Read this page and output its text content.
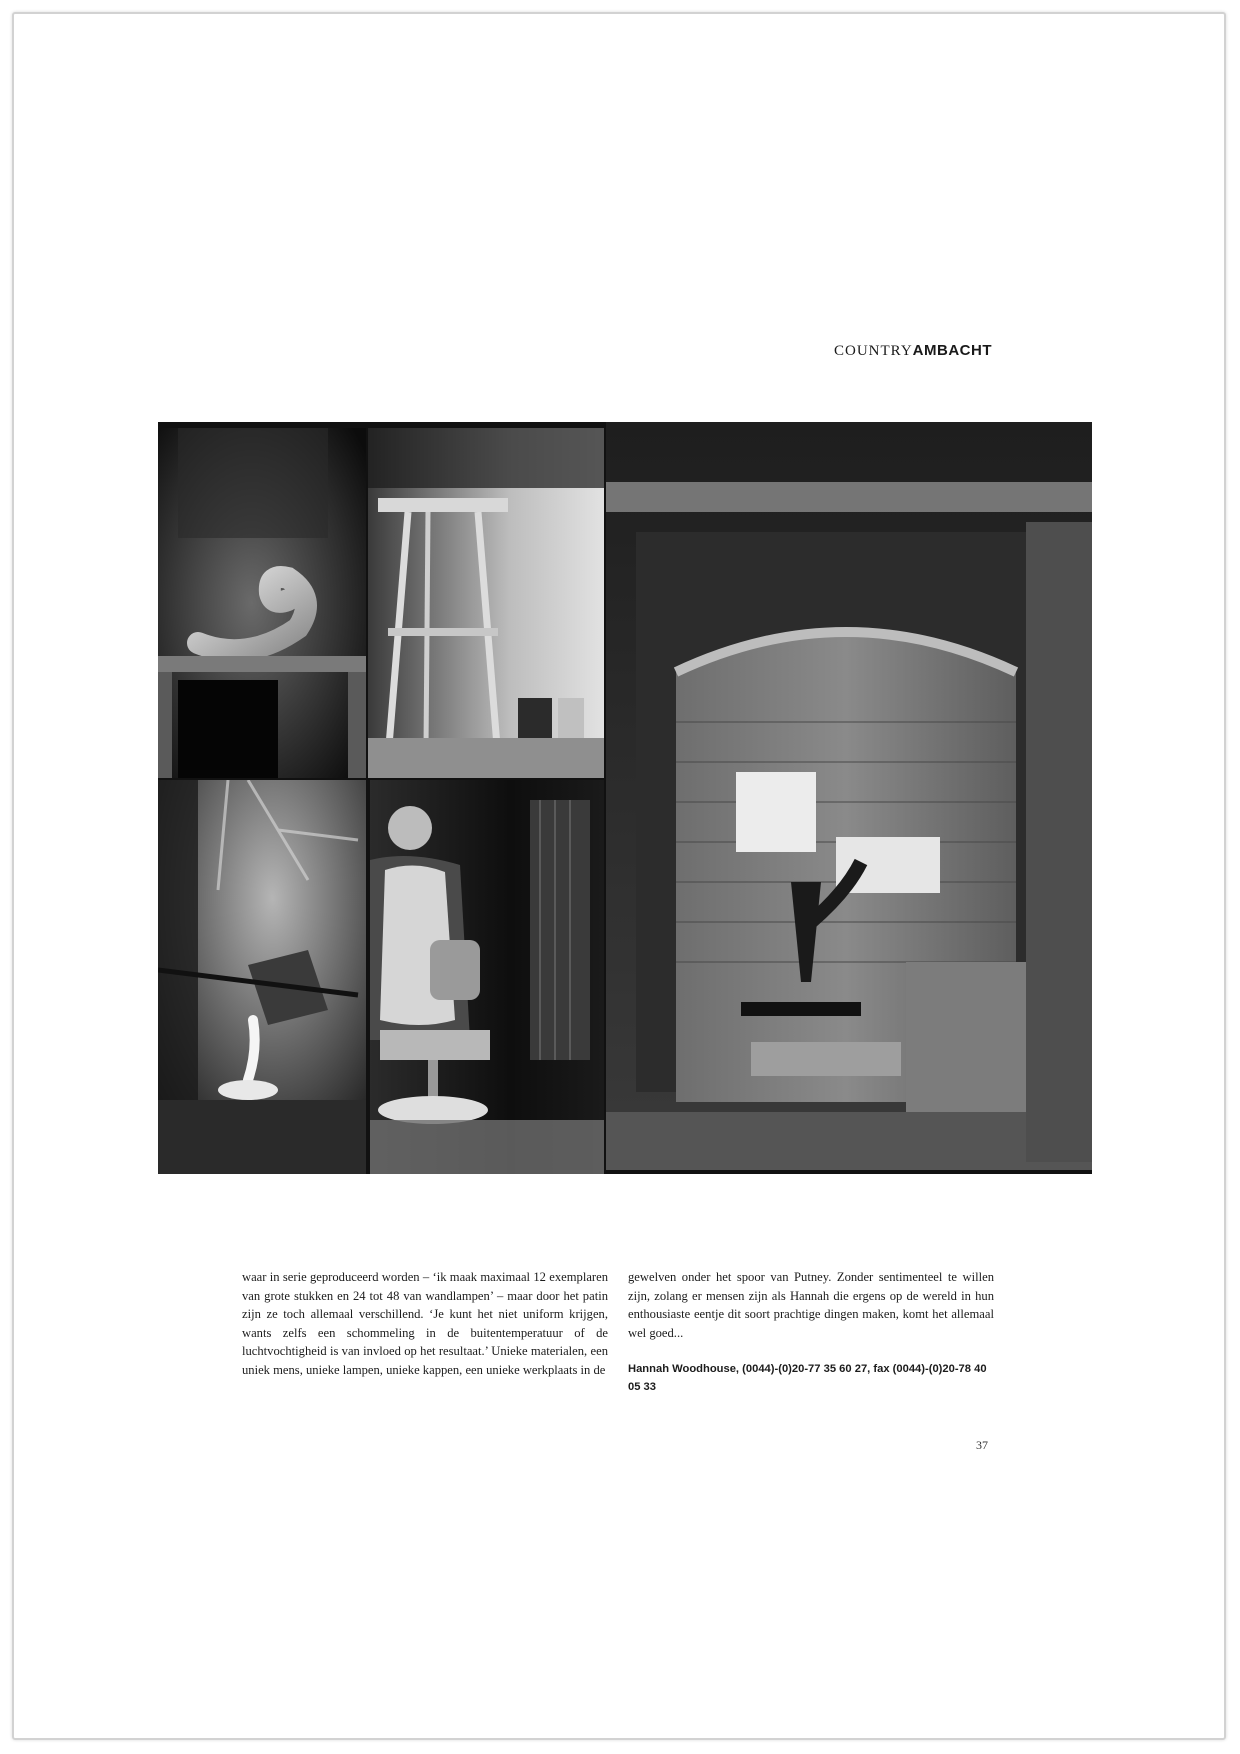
COUNTRYAMBACHT
waar in serie geproduceerd worden – ‘ik maak maximaal 12 exemplaren van grote stukken en 24 tot 48 van wandlampen’ – maar door het patin zijn ze toch allemaal verschillend. ‘Je kunt het niet uniform krijgen, wants zelfs een schommeling in de buitentemperatuur of de luchtvochtigheid is van invloed op het resultaat.’ Unieke materialen, een uniek mens, unieke lampen, unieke kappen, een unieke werkplaats in de
gewelven onder het spoor van Putney. Zonder sentimenteel te willen zijn, zolang er mensen zijn als Hannah die ergens op de wereld in hun enthousiaste eentje dit soort prachtige dingen maken, komt het allemaal wel goed...
Hannah Woodhouse, (0044)-(0)20-77 35 60 27, fax (0044)-(0)20-78 40 05 33
37
